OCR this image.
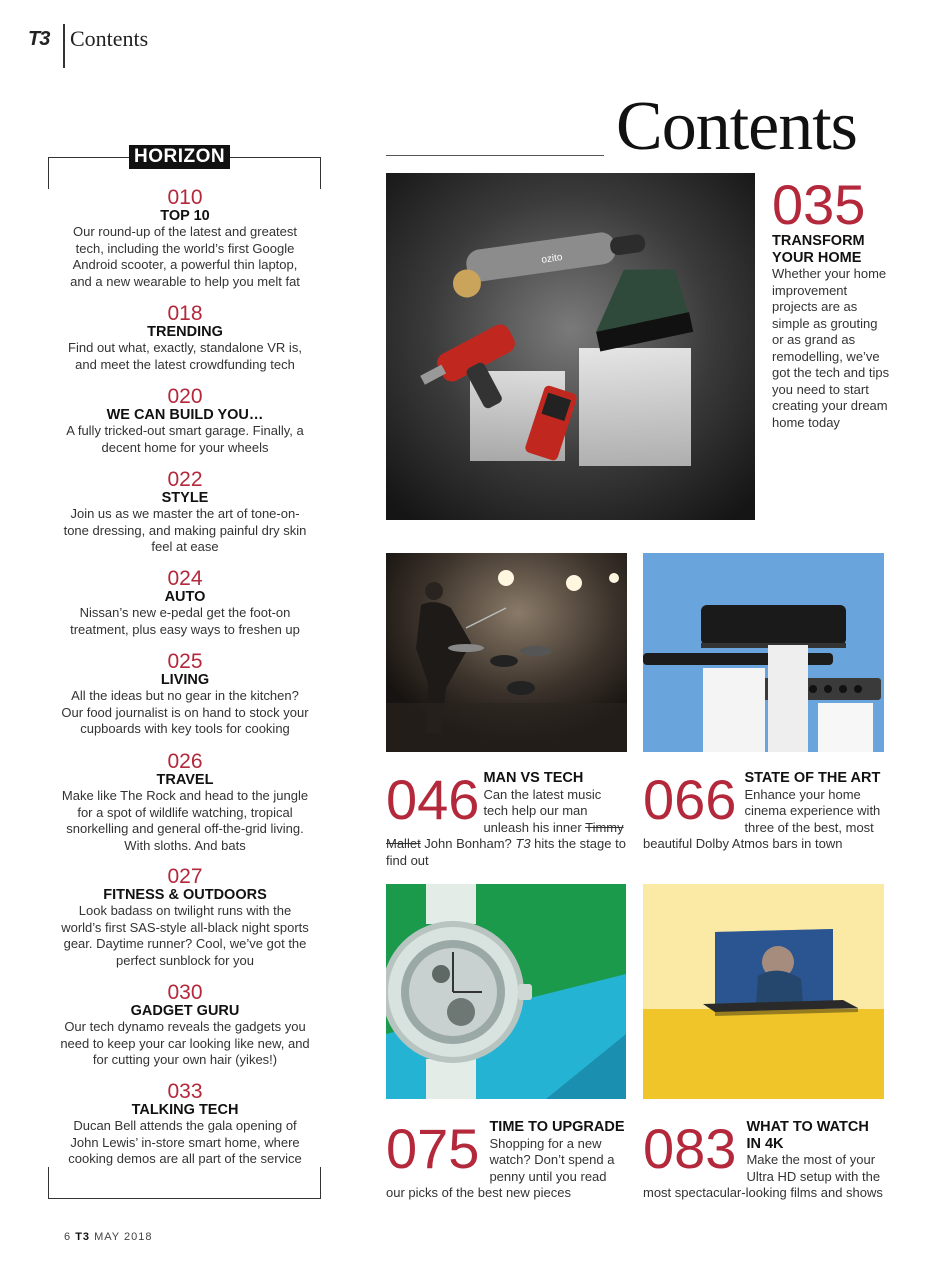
T3 Contents
Contents
HORIZON
010
TOP 10
Our round-up of the latest and greatest tech, including the world’s first Google Android scooter, a powerful thin laptop, and a new wearable to help you melt fat
018
TRENDING
Find out what, exactly, standalone VR is, and meet the latest crowdfunding tech
020
WE CAN BUILD YOU…
A fully tricked-out smart garage. Finally, a decent home for your wheels
022
STYLE
Join us as we master the art of tone-on-tone dressing, and making painful dry skin feel at ease
024
AUTO
Nissan’s new e-pedal get the foot-on treatment, plus easy ways to freshen up
025
LIVING
All the ideas but no gear in the kitchen? Our food journalist is on hand to stock your cupboards with key tools for cooking
026
TRAVEL
Make like The Rock and head to the jungle for a spot of wildlife watching, tropical snorkelling and general off-the-grid living. With sloths. And bats
027
FITNESS & OUTDOORS
Look badass on twilight runs with the world’s first SAS-style all-black night sports gear. Daytime runner? Cool, we’ve got the perfect sunblock for you
030
GADGET GURU
Our tech dynamo reveals the gadgets you need to keep your car looking like new, and for cutting your own hair (yikes!)
033
TALKING TECH
Ducan Bell attends the gala opening of John Lewis’ in-store smart home, where cooking demos are all part of the service
ozito
035
TRANSFORM YOUR HOME
Whether your home improvement projects are as simple as grouting or as grand as remodelling, we’ve got the tech and tips you need to start creating your dream home today
046 MAN VS TECH
Can the latest music tech help our man unleash his inner Timmy Mallet John Bonham? T3 hits the stage to find out
066 STATE OF THE ART
Enhance your home cinema experience with three of the best, most beautiful Dolby Atmos bars in town
075 TIME TO UPGRADE
Shopping for a new watch? Don’t spend a penny until you read our picks of the best new pieces
083 WHAT TO WATCH IN 4K
Make the most of your Ultra HD setup with the most spectacular-looking films and shows
6 T3 MAY 2018
